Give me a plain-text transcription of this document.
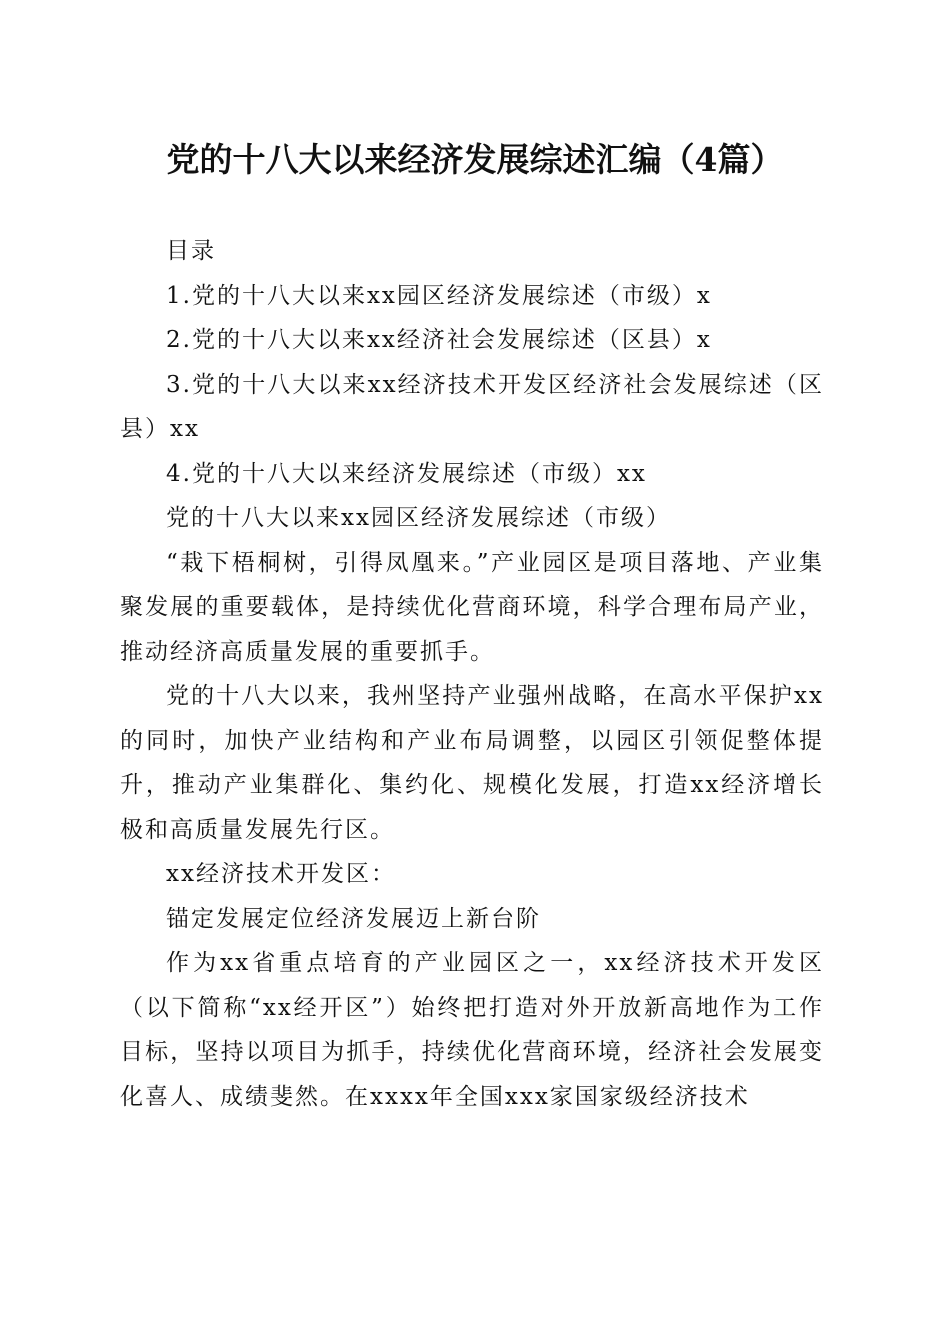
党的十八大以来经济发展综述汇编（4篇）

目录

1.党的十八大以来xx园区经济发展综述（市级）x

2.党的十八大以来xx经济社会发展综述（区县）x

3.党的十八大以来xx经济技术开发区经济社会发展综述（区县）xx

4.党的十八大以来经济发展综述（市级）xx

党的十八大以来xx园区经济发展综述（市级）

“栽下梧桐树，引得凤凰来。”产业园区是项目落地、产业集聚发展的重要载体，是持续优化营商环境，科学合理布局产业，推动经济高质量发展的重要抓手。

党的十八大以来，我州坚持产业强州战略，在高水平保护xx的同时，加快产业结构和产业布局调整，以园区引领促整体提升，推动产业集群化、集约化、规模化发展，打造xx经济增长极和高质量发展先行区。

xx经济技术开发区：

锚定发展定位经济发展迈上新台阶

作为xx省重点培育的产业园区之一，xx经济技术开发区（以下简称“xx经开区”）始终把打造对外开放新高地作为工作目标，坚持以项目为抓手，持续优化营商环境，经济社会发展变化喜人、成绩斐然。在xxxx年全国xxx家国家级经济技术
